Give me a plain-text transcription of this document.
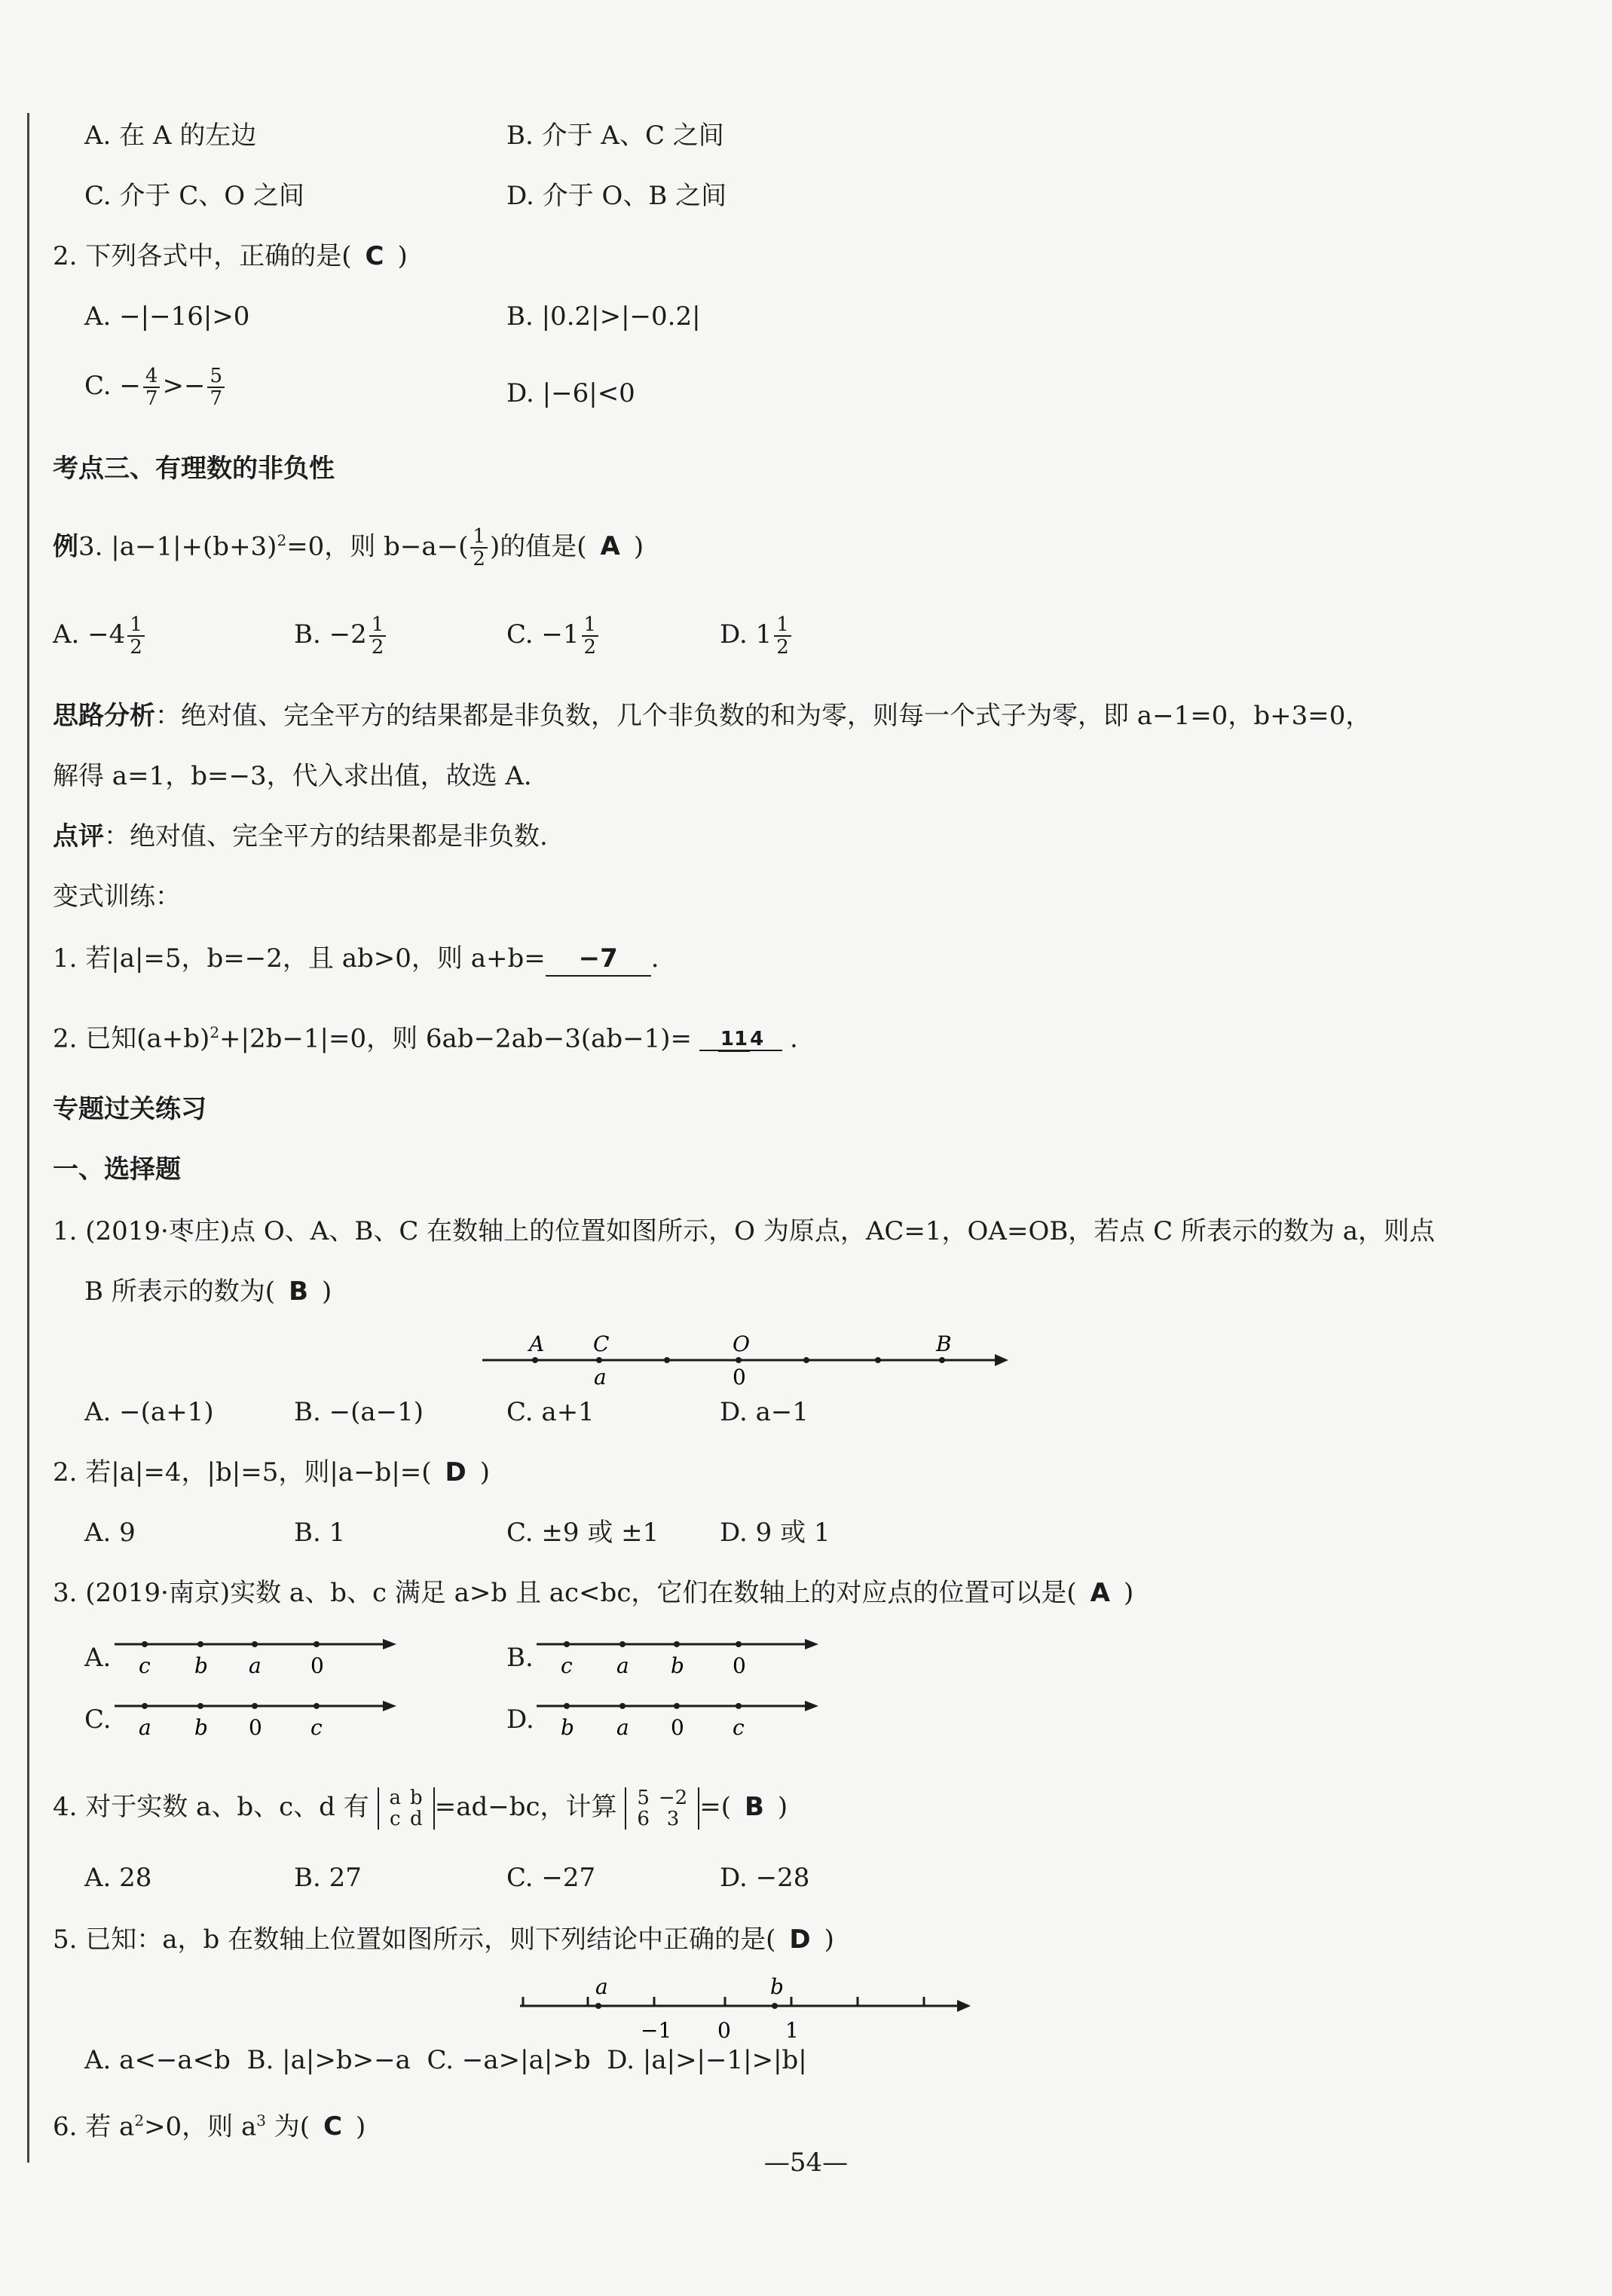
A. 在 A 的左边	B. 介于 A、C 之间
C. 介于 C、O 之间	D. 介于 O、B 之间
2. 下列各式中，正确的是( C )
A. −|−16|>0	B. |0.2|>|−0.2|
C. − $\frac{4}{7} >- \frac{5}{7}$	D. |−6|<0
考点三、有理数的非负性
例3. $|a-1|+(b+3)^2=0$，则 $b-a-( \frac{1}{2}$ )的值是( A )
A. $-4 \frac{1}{2}$	B. $-2 \frac{1}{2}$	C. $-1 \frac{1}{2}$	D. $1 \frac{1}{2}$
思路分析：绝对值、完全平方的结果都是非负数，几个非负数的和为零，则每一个式子为零，即 a−1=0，b+3=0，
解得 a=1，b=−3，代入求出值，故选 A.
点评：绝对值、完全平方的结果都是非负数.
变式训练：
1. 若|a|=5，b=−2，且 ab>0，则 a+b= −7 .
2. 已知$(a+b)^2+|2b-1|=0$，则 6ab−2ab−3(ab−1)= 11 4 .
专题过关练习
一、选择题
1. (2019·枣庄)点 O、A、B、C 在数轴上的位置如图所示，O 为原点，AC=1，OA=OB，若点 C 所表示的数为 a，则点
B 所表示的数为( B )
A C	O	B
a	0
A. −(a+1)	B. −(a−1)	C. a+1	D. a−1
2. 若|a|=4，|b|=5，则|a−b|=( D )
A. 9	B. 1	C. ±9 或 ±1 D. 9 或 1
3. (2019·南京)实数 a、b、c 满足 a>b 且 ac<bc，它们在数轴上的对应点的位置可以是( A )
A. c b a 0	B. c a b 0
C. a b 0 c	D. b a 0 c
4. 对于实数 a、b、c、d 有 a
c
b
d =ad−bc，计算 5
6
−2
3 =( B )
A. 28	B. 27	C. −27	D. −28
5. 已知：a，b 在数轴上位置如图所示，则下列结论中正确的是( D )
a	b
−1 0	1
A. a<−a<b B. |a|>b>−a C. −a>|a|>b D. |a|>|−1|>|b|
6. 若 $a^2>0$，则 $a^3$ 为( C )
—54—
